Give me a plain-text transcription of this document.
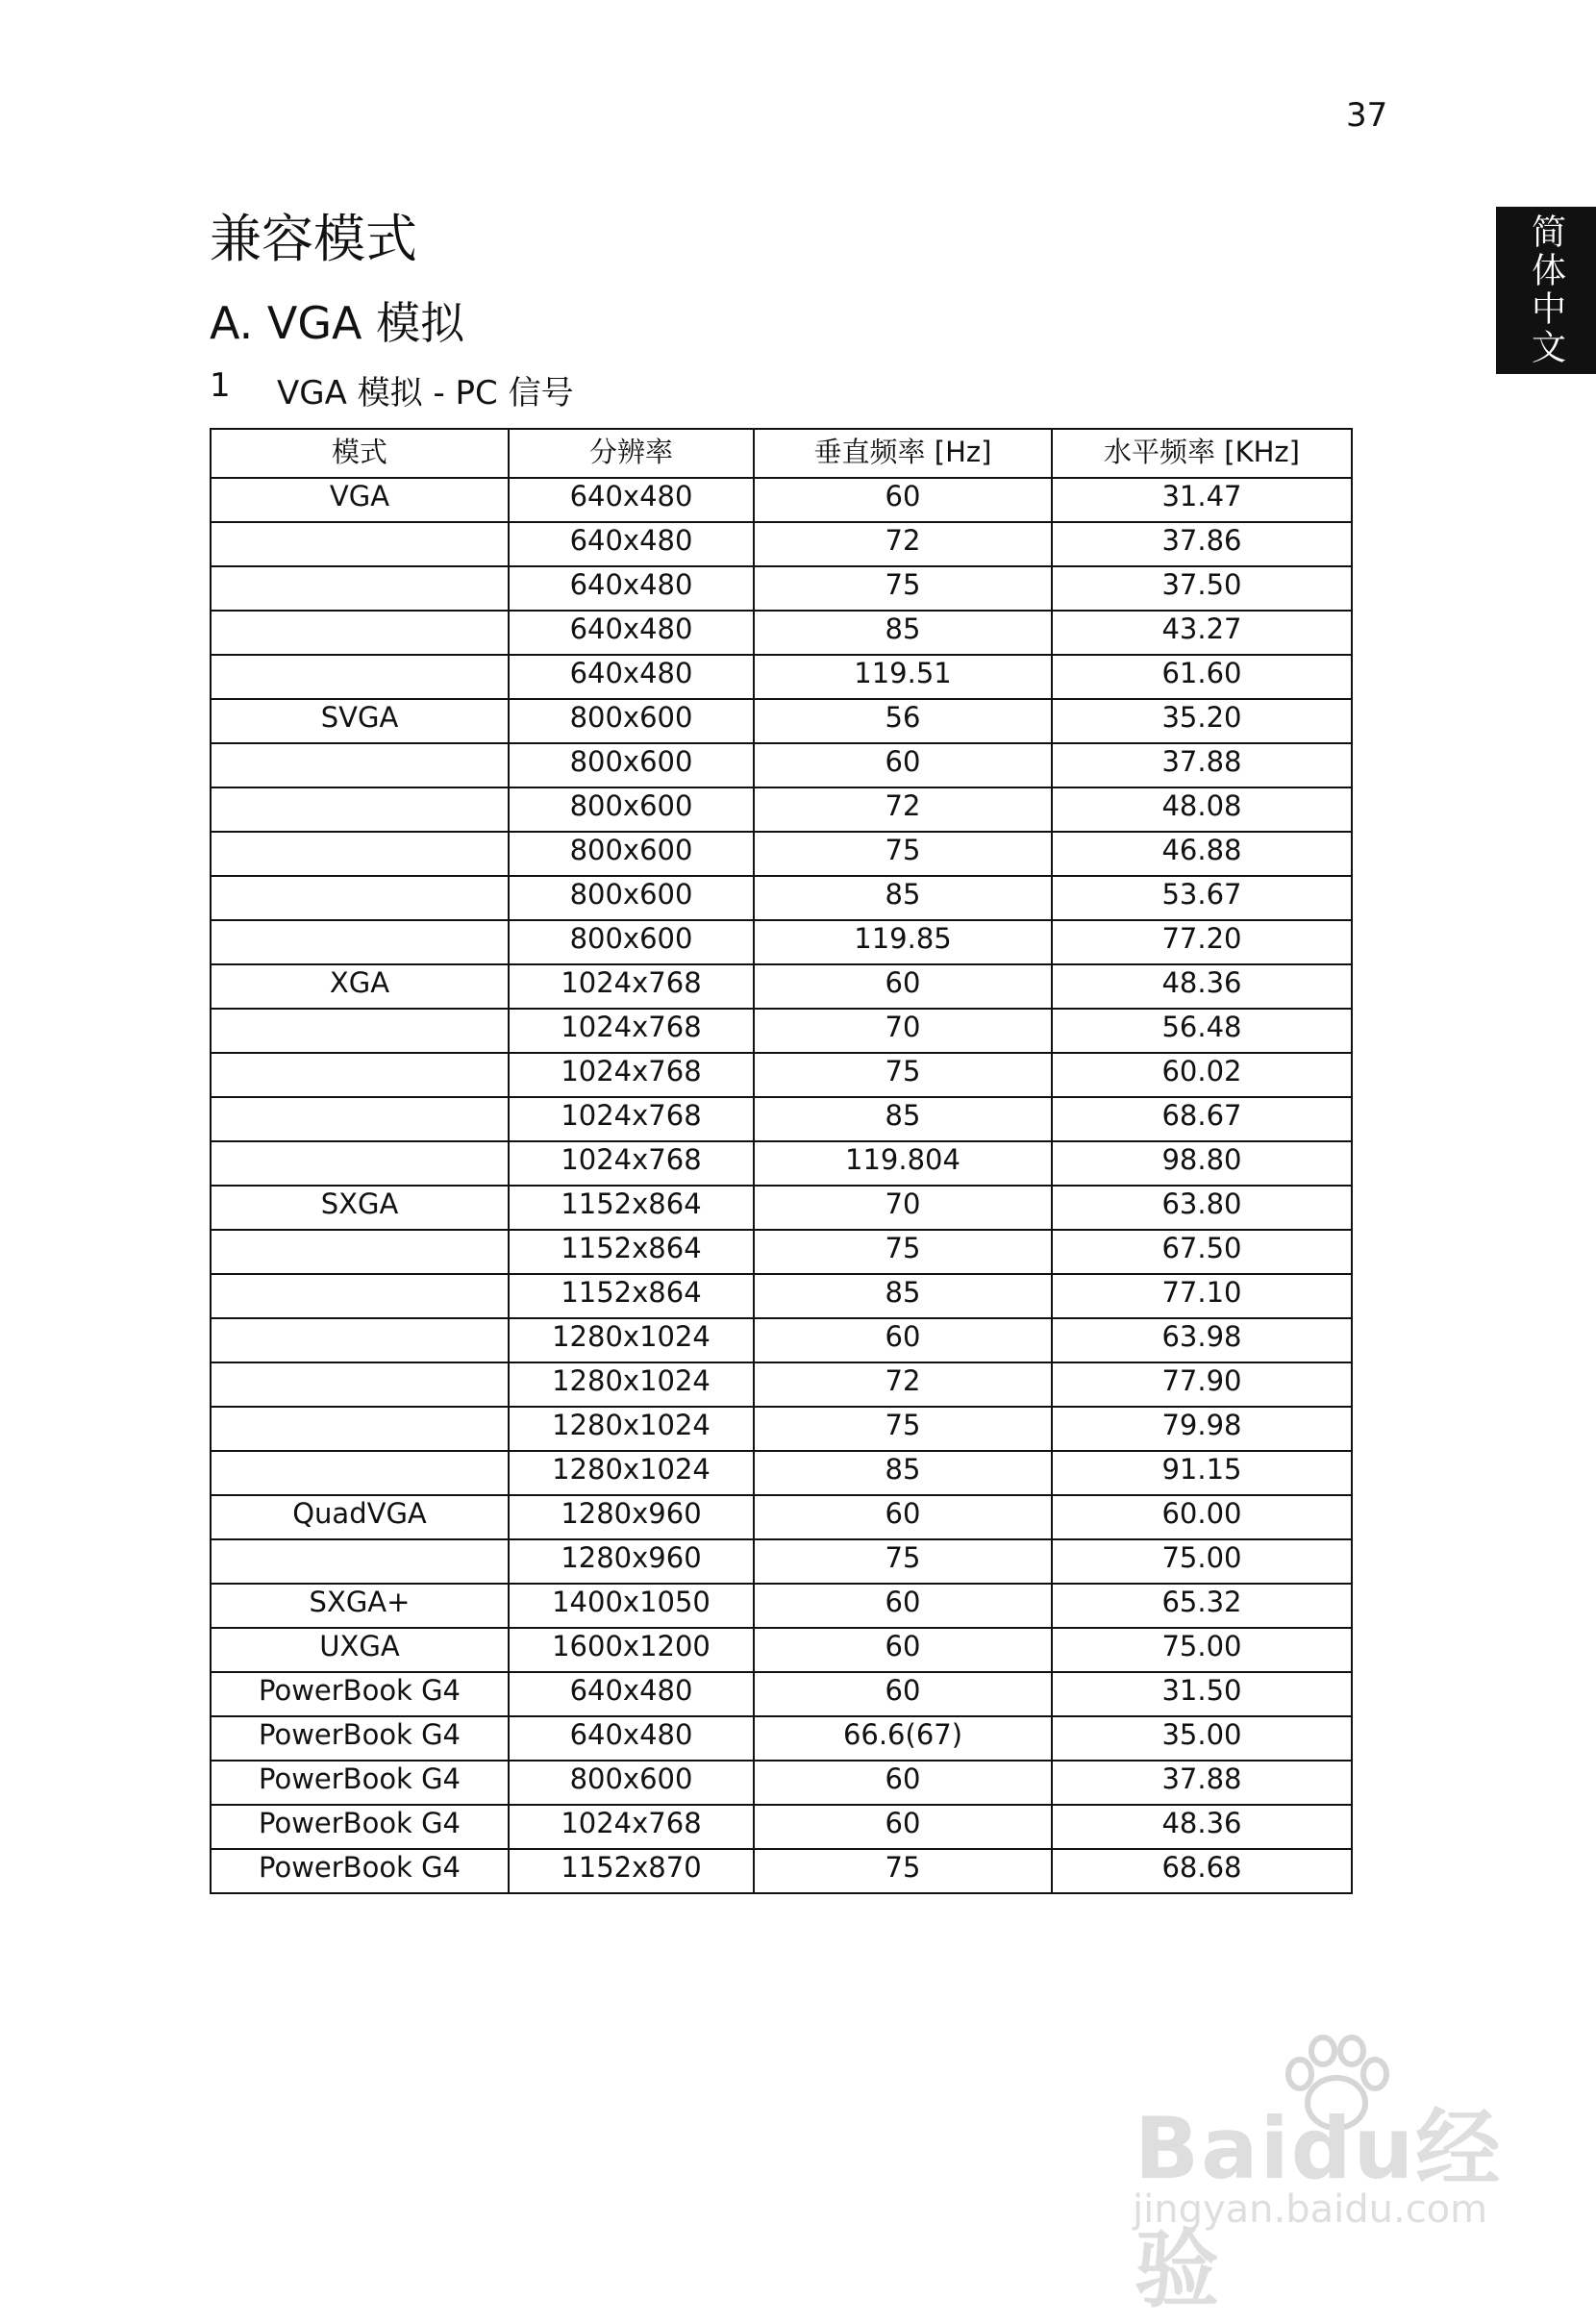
37
简体中文
兼容模式
A. VGA 模拟
1	VGA 模拟 - PC 信号
模式	分辨率	垂直频率 [Hz]	水平频率 [KHz]
VGA	640x480	60	31.47
	640x480	72	37.86
	640x480	75	37.50
	640x480	85	43.27
	640x480	119.51	61.60
SVGA	800x600	56	35.20
	800x600	60	37.88
	800x600	72	48.08
	800x600	75	46.88
	800x600	85	53.67
	800x600	119.85	77.20
XGA	1024x768	60	48.36
	1024x768	70	56.48
	1024x768	75	60.02
	1024x768	85	68.67
	1024x768	119.804	98.80
SXGA	1152x864	70	63.80
	1152x864	75	67.50
	1152x864	85	77.10
	1280x1024	60	63.98
	1280x1024	72	77.90
	1280x1024	75	79.98
	1280x1024	85	91.15
QuadVGA	1280x960	60	60.00
	1280x960	75	75.00
SXGA+	1400x1050	60	65.32
UXGA	1600x1200	60	75.00
PowerBook G4	640x480	60	31.50
PowerBook G4	640x480	66.6(67)	35.00
PowerBook G4	800x600	60	37.88
PowerBook G4	1024x768	60	48.36
PowerBook G4	1152x870	75	68.68
Baidu经验
jingyan.baidu.com
